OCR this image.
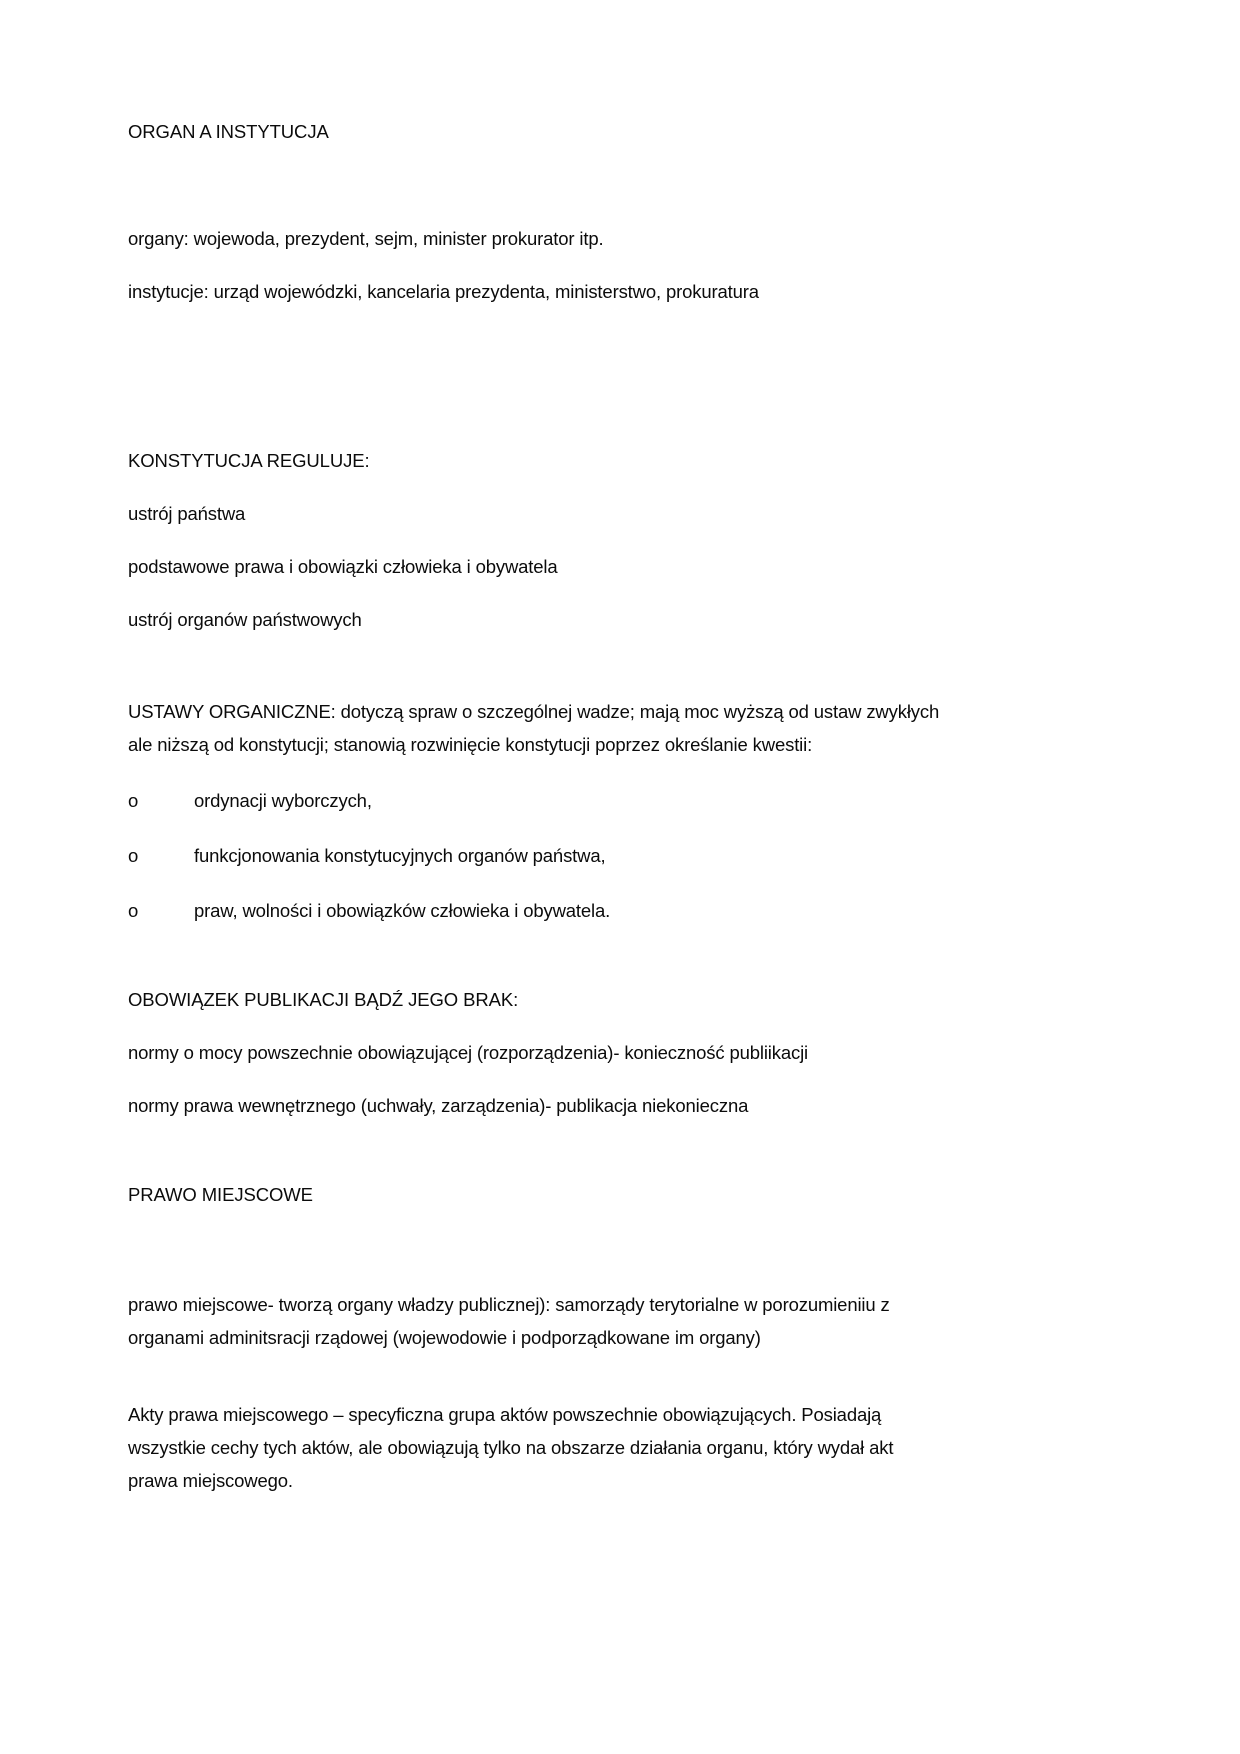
ORGAN A INSTYTUCJA
organy: wojewoda, prezydent, sejm, minister prokurator itp.
instytucje: urząd wojewódzki, kancelaria prezydenta, ministerstwo, prokuratura
KONSTYTUCJA REGULUJE:
ustrój państwa
podstawowe prawa i obowiązki człowieka i obywatela
ustrój organów państwowych
USTAWY ORGANICZNE: dotyczą spraw o szczególnej wadze; mają moc wyższą od ustaw zwykłych ale niższą od konstytucji; stanowią rozwinięcie konstytucji poprzez określanie kwestii:
o	ordynacji wyborczych,
o	funkcjonowania konstytucyjnych organów państwa,
o	praw, wolności i obowiązków człowieka i obywatela.
OBOWIĄZEK PUBLIKACJI BĄDŹ JEGO BRAK:
normy o mocy powszechnie obowiązującej (rozporządzenia)- konieczność publiikacji
normy prawa wewnętrznego (uchwały, zarządzenia)- publikacja niekonieczna
PRAWO MIEJSCOWE
prawo miejscowe- tworzą organy władzy publicznej): samorządy terytorialne w porozumieniiu z organami adminitsracji rządowej (wojewodowie i podporządkowane im organy)
Akty prawa miejscowego – specyficzna grupa aktów powszechnie obowiązujących. Posiadają wszystkie cechy tych aktów, ale obowiązują tylko na obszarze działania organu, który wydał akt prawa miejscowego.
